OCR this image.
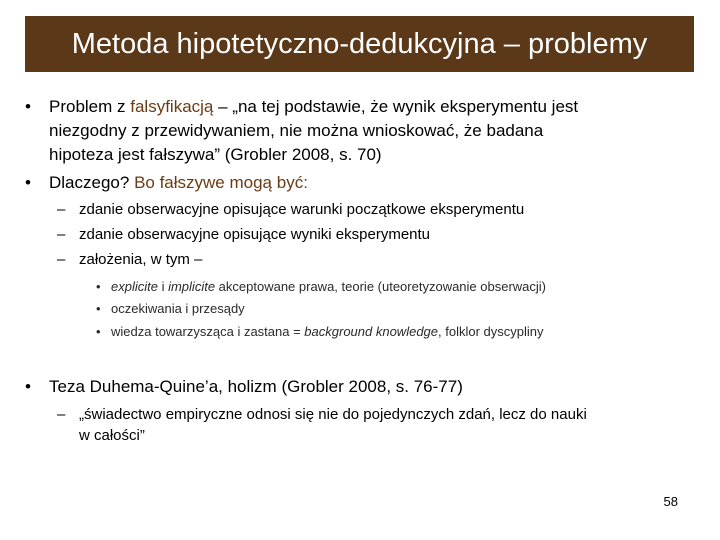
Metoda hipotetyczno-dedukcyjna – problemy

• Problem z falsyfikacją – „na tej podstawie, że wynik eksperymentu jest

niezgodny z przewidywaniem, nie można wnioskować, że badana

hipoteza jest fałszywa” (Grobler 2008, s. 70)

• Dlaczego? Bo fałszywe mogą być:

– zdanie obserwacyjne opisujące warunki początkowe eksperymentu

– zdanie obserwacyjne opisujące wyniki eksperymentu

– założenia, w tym –

• explicite i implicite akceptowane prawa, teorie (uteoretyzowanie obserwacji)

• oczekiwania i przesądy

• wiedza towarzysząca i zastana = background knowledge, folklor dyscypliny

• Teza Duhema-Quine’a, holizm (Grobler 2008, s. 76-77)

– „świadectwo empiryczne odnosi się nie do pojedynczych zdań, lecz do nauki

w całości”

58
